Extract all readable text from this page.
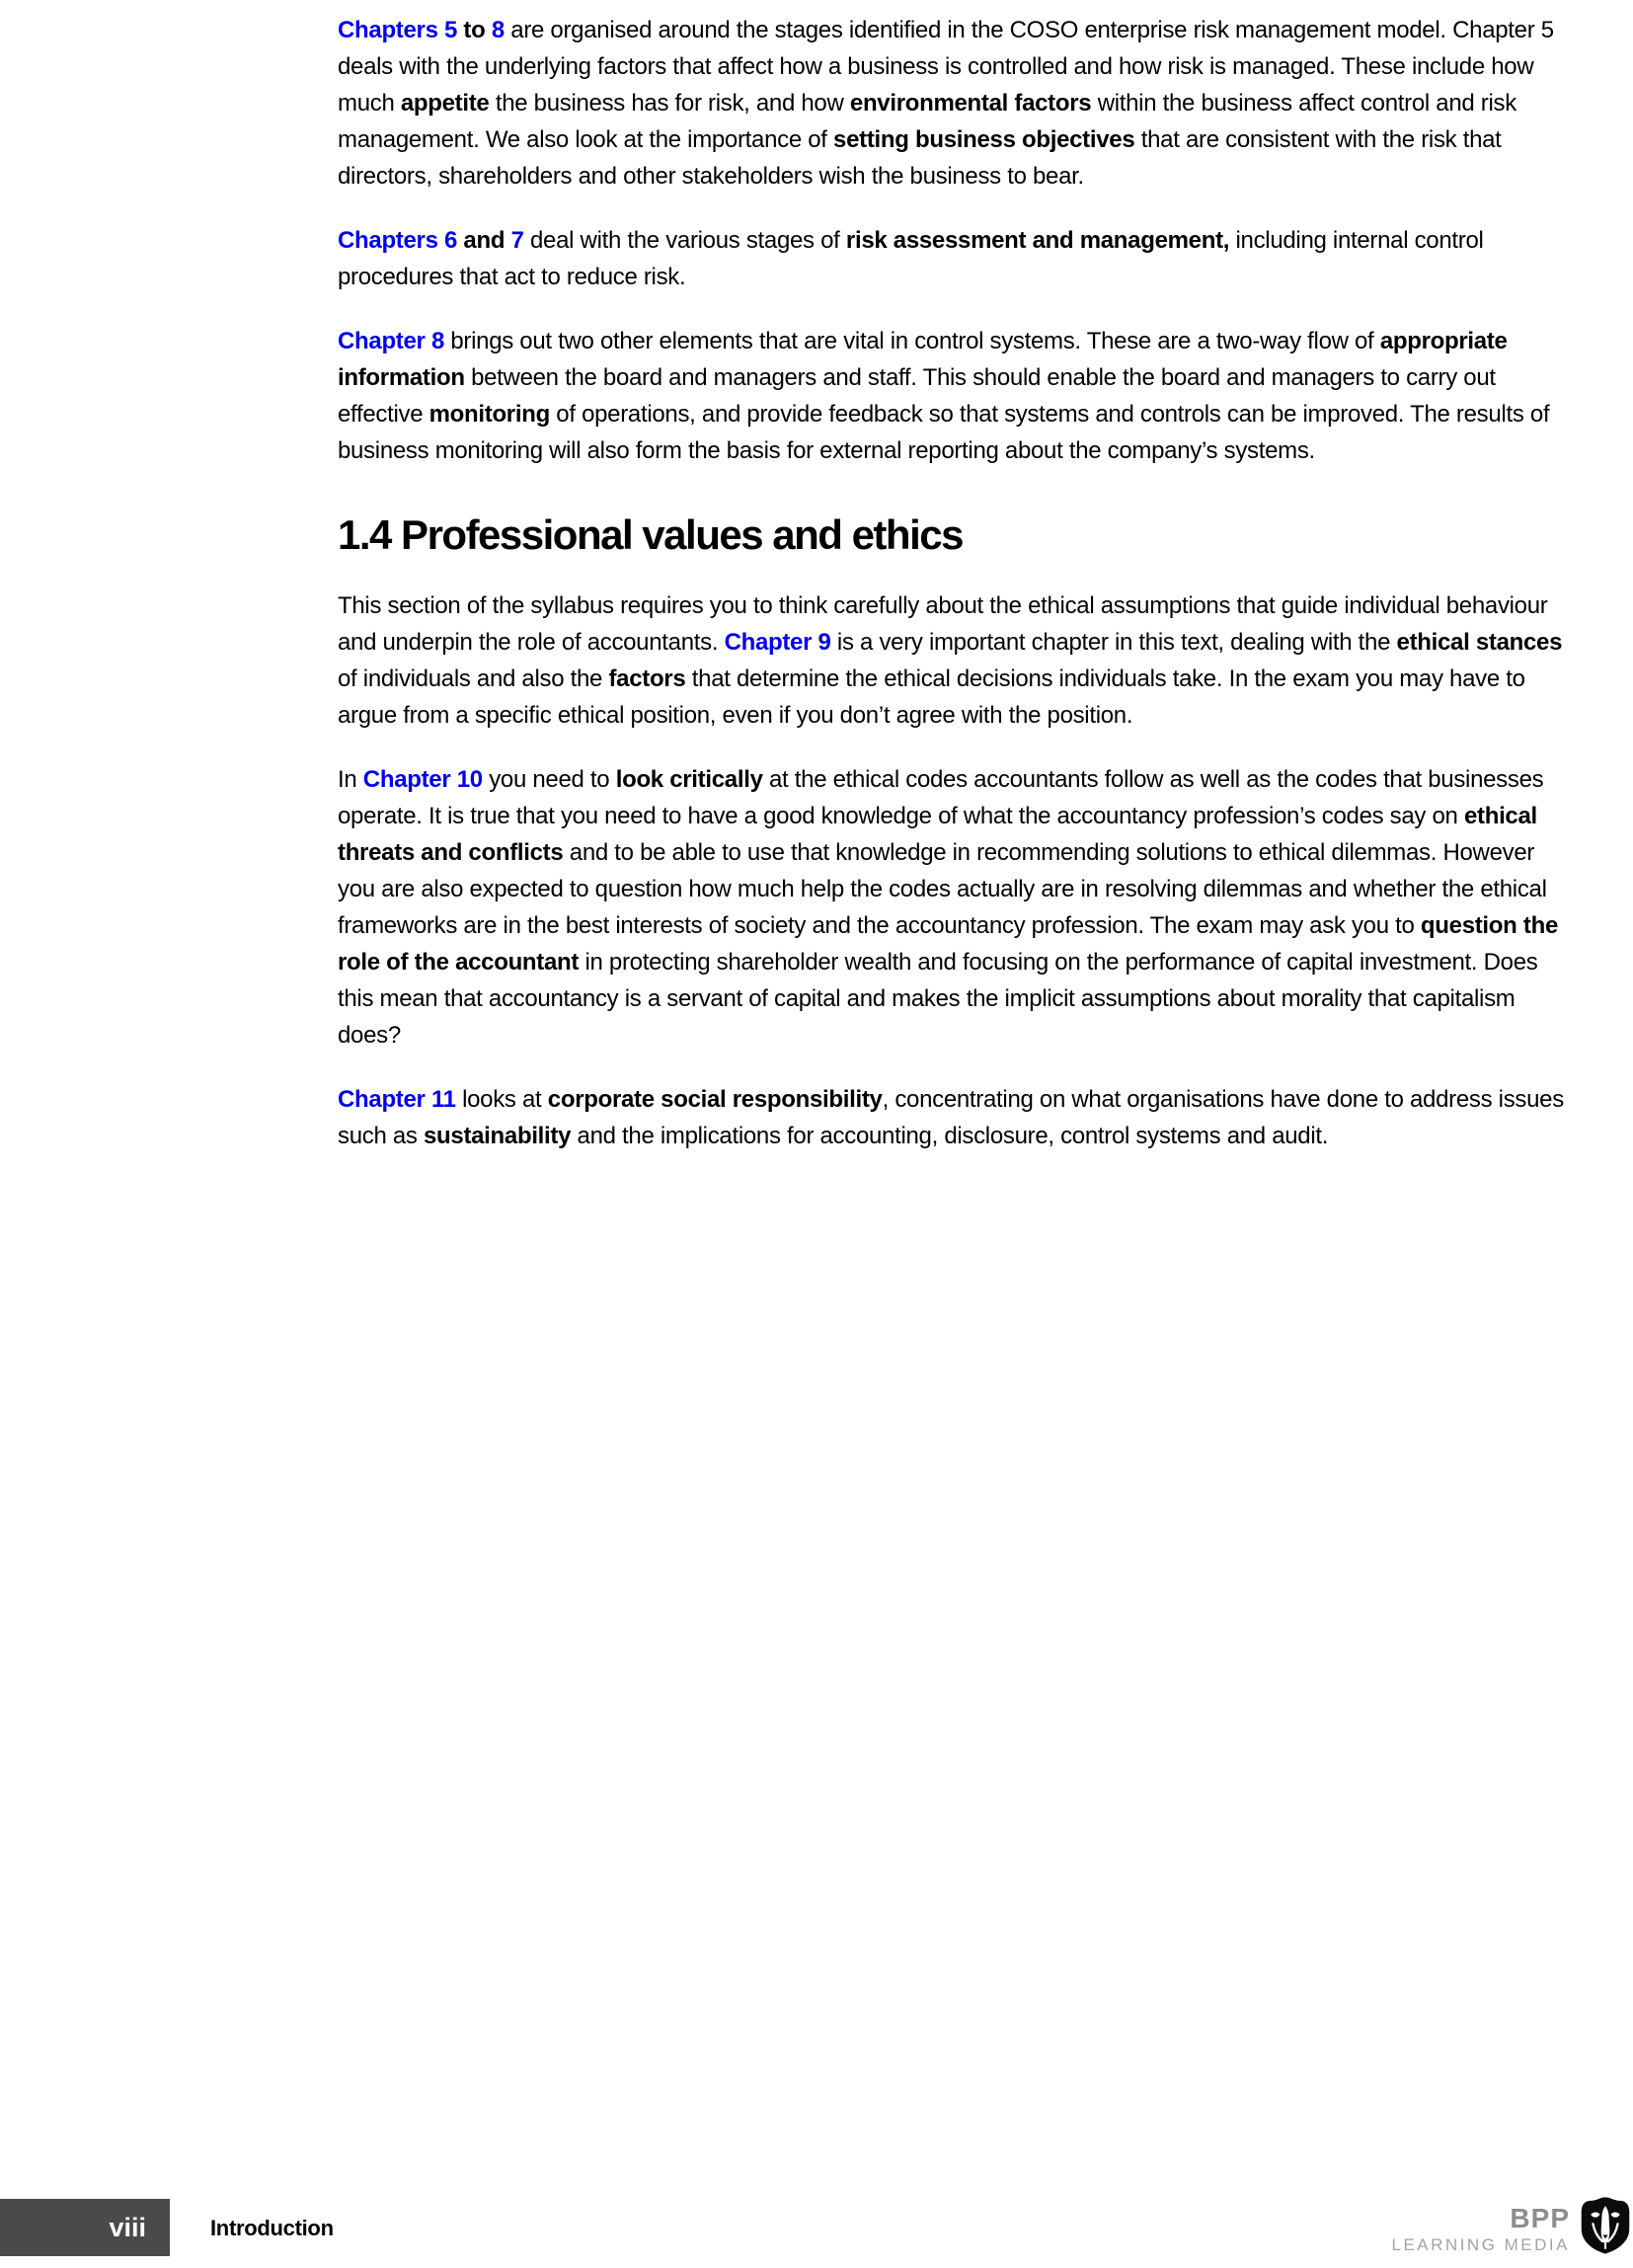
Chapters 5 to 8 are organised around the stages identified in the COSO enterprise risk management model. Chapter 5 deals with the underlying factors that affect how a business is controlled and how risk is managed. These include how much appetite the business has for risk, and how environmental factors within the business affect control and risk management. We also look at the importance of setting business objectives that are consistent with the risk that directors, shareholders and other stakeholders wish the business to bear.

Chapters 6 and 7 deal with the various stages of risk assessment and management, including internal control procedures that act to reduce risk.

Chapter 8 brings out two other elements that are vital in control systems. These are a two-way flow of appropriate information between the board and managers and staff. This should enable the board and managers to carry out effective monitoring of operations, and provide feedback so that systems and controls can be improved. The results of business monitoring will also form the basis for external reporting about the company’s systems.

1.4 Professional values and ethics

This section of the syllabus requires you to think carefully about the ethical assumptions that guide individual behaviour and underpin the role of accountants. Chapter 9 is a very important chapter in this text, dealing with the ethical stances of individuals and also the factors that determine the ethical decisions individuals take. In the exam you may have to argue from a specific ethical position, even if you don’t agree with the position.

In Chapter 10 you need to look critically at the ethical codes accountants follow as well as the codes that businesses operate. It is true that you need to have a good knowledge of what the accountancy profession’s codes say on ethical threats and conflicts and to be able to use that knowledge in recommending solutions to ethical dilemmas. However you are also expected to question how much help the codes actually are in resolving dilemmas and whether the ethical frameworks are in the best interests of society and the accountancy profession. The exam may ask you to question the role of the accountant in protecting shareholder wealth and focusing on the performance of capital investment. Does this mean that accountancy is a servant of capital and makes the implicit assumptions about morality that capitalism does?

Chapter 11 looks at corporate social responsibility, concentrating on what organisations have done to address issues such as sustainability and the implications for accounting, disclosure, control systems and audit.

viii	Introduction	BPP
LEARNING MEDIA
